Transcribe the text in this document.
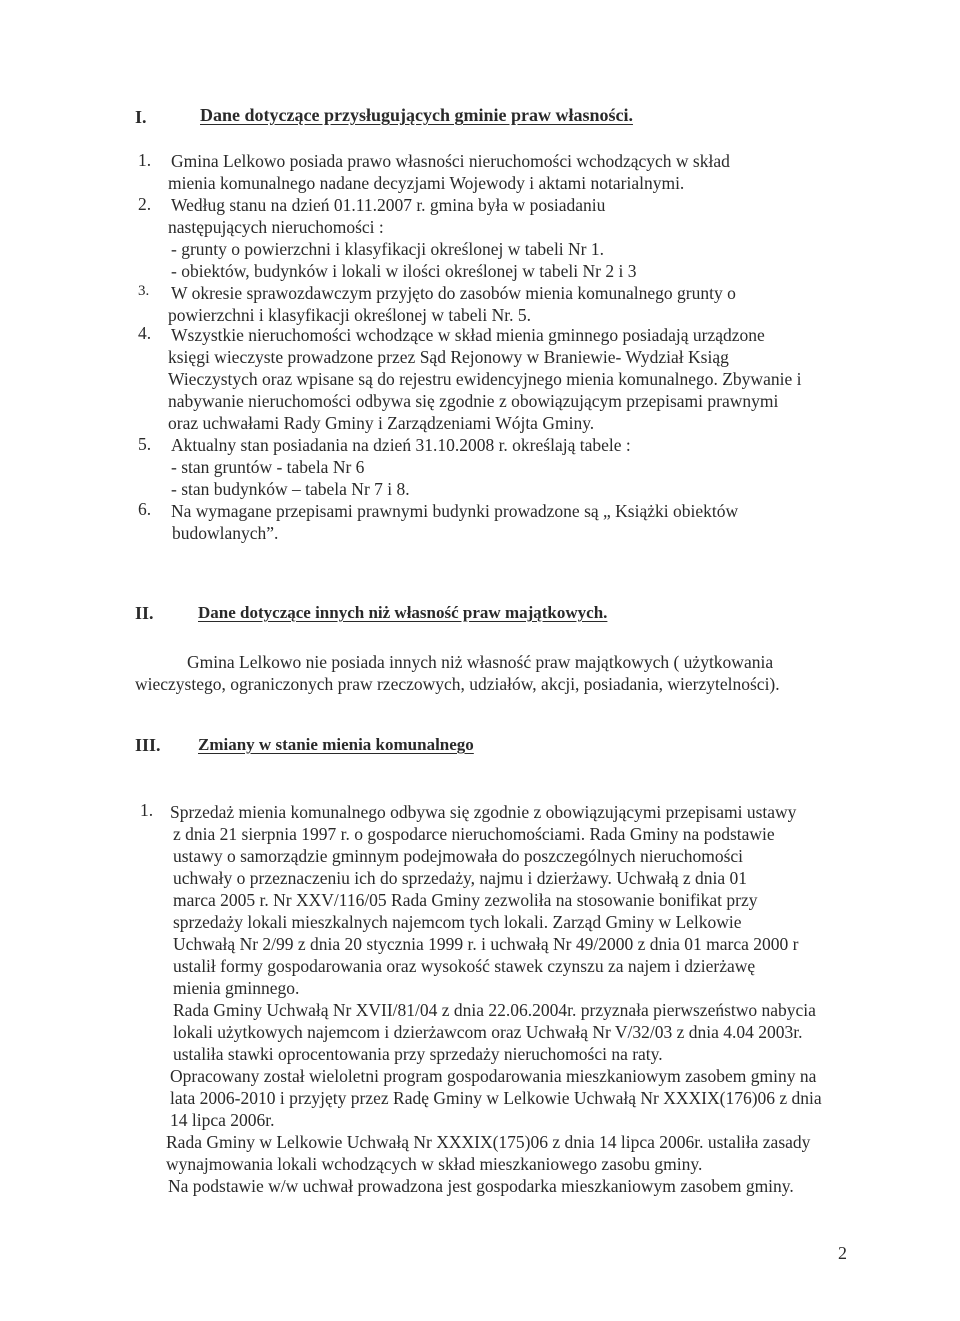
I.	Dane dotyczące przysługujących gminie praw własności.
1. Gmina Lelkowo posiada prawo własności nieruchomości wchodzących w skład
mienia komunalnego nadane decyzjami Wojewody i aktami notarialnymi.
2. Według stanu na dzień 01.11.2007 r. gmina była w posiadaniu
następujących nieruchomości :
- grunty o powierzchni i klasyfikacji określonej w tabeli Nr 1.
- obiektów, budynków i lokali w ilości określonej w tabeli Nr 2 i 3
3. W okresie sprawozdawczym przyjęto do zasobów mienia komunalnego grunty o
powierzchni i klasyfikacji określonej w tabeli Nr. 5.
4. Wszystkie nieruchomości wchodzące w skład mienia gminnego posiadają urządzone
księgi wieczyste prowadzone przez Sąd Rejonowy w Braniewie- Wydział Ksiąg
Wieczystych oraz wpisane są do rejestru ewidencyjnego mienia komunalnego. Zbywanie i
nabywanie nieruchomości odbywa się zgodnie z obowiązującym przepisami prawnymi
oraz uchwałami Rady Gminy i Zarządzeniami Wójta Gminy.
5. Aktualny stan posiadania na dzień 31.10.2008 r. określają tabele :
- stan gruntów - tabela Nr 6
- stan budynków – tabela Nr 7 i 8.
6. Na wymagane przepisami prawnymi budynki prowadzone są „ Książki obiektów
budowlanych”.
II.	Dane dotyczące innych niż własność praw majątkowych.
Gmina Lelkowo nie posiada innych niż własność praw majątkowych ( użytkowania
wieczystego, ograniczonych praw rzeczowych, udziałów, akcji, posiadania, wierzytelności).
III. Zmiany w stanie mienia komunalnego
1. Sprzedaż mienia komunalnego odbywa się zgodnie z obowiązującymi przepisami ustawy
z dnia 21 sierpnia 1997 r. o gospodarce nieruchomościami. Rada Gminy na podstawie
ustawy o samorządzie gminnym podejmowała do poszczególnych nieruchomości
uchwały o przeznaczeniu ich do sprzedaży, najmu i dzierżawy. Uchwałą z dnia 01
marca 2005 r. Nr XXV/116/05 Rada Gminy zezwoliła na stosowanie bonifikat przy
sprzedaży lokali mieszkalnych najemcom tych lokali. Zarząd Gminy w Lelkowie
Uchwałą Nr 2/99 z dnia 20 stycznia 1999 r. i uchwałą Nr 49/2000 z dnia 01 marca 2000 r
ustalił formy gospodarowania oraz wysokość stawek czynszu za najem i dzierżawę
mienia gminnego.
Rada Gminy Uchwałą Nr XVII/81/04 z dnia 22.06.2004r. przyznała pierwszeństwo nabycia
lokali użytkowych najemcom i dzierżawcom oraz Uchwałą Nr V/32/03 z dnia 4.04 2003r.
ustaliła stawki oprocentowania przy sprzedaży nieruchomości na raty.
Opracowany został wieloletni program gospodarowania mieszkaniowym zasobem gminy na
lata 2006-2010 i przyjęty przez Radę Gminy w Lelkowie Uchwałą Nr XXXIX(176)06 z dnia
14 lipca 2006r.
Rada Gminy w Lelkowie Uchwałą Nr XXXIX(175)06 z dnia 14 lipca 2006r. ustaliła zasady
wynajmowania lokali wchodzących w skład mieszkaniowego zasobu gminy.
Na podstawie w/w uchwał prowadzona jest gospodarka mieszkaniowym zasobem gminy.
2
